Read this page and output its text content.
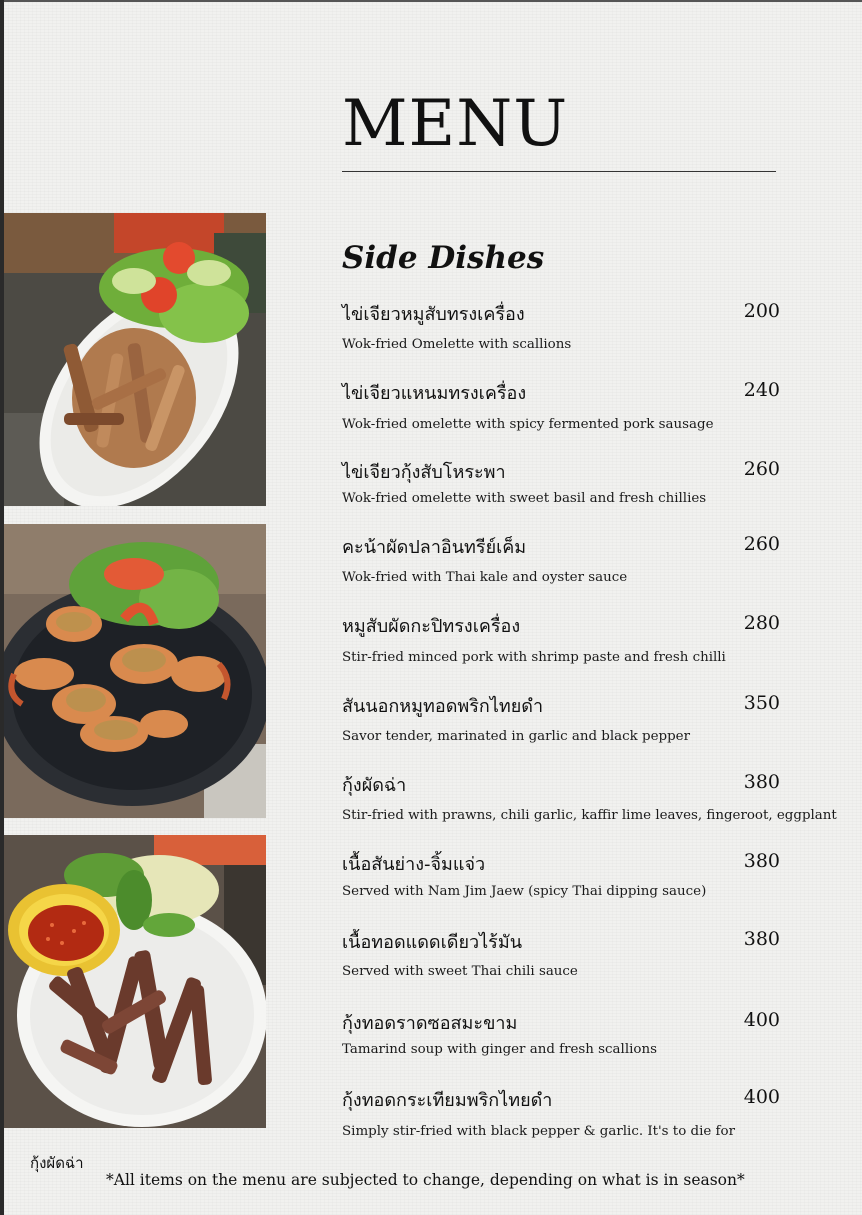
MENU
Side Dishes
ไข่เจียวหมูสับทรงเครื่อง	200
Wok-fried Omelette with scallions
ไข่เจียวแหนมทรงเครื่อง	240
Wok-fried omelette with spicy fermented pork sausage
ไข่เจียวกุ้งสับโหระพา	260
Wok-fried omelette with sweet basil and fresh chillies
คะน้าผัดปลาอินทรีย์เค็ม	260
Wok-fried with Thai kale and oyster sauce
หมูสับผัดกะปิทรงเครื่อง	280
Stir-fried minced pork with shrimp paste and fresh chilli
สันนอกหมูทอดพริกไทยดำ	350
Savor tender, marinated in garlic and black pepper
กุ้งผัดฉ่า	380
Stir-fried with prawns, chili garlic, kaffir lime leaves, fingeroot, eggplant
เนื้อสันย่าง-จิ้มแจ่ว	380
Served with Nam Jim Jaew (spicy Thai dipping sauce)
เนื้อทอดแดดเดียวไร้มัน	380
Served with sweet Thai chili sauce
กุ้งทอดราดซอสมะขาม	400
Tamarind soup with ginger and fresh scallions
กุ้งทอดกระเทียมพริกไทยดำ	400
Simply stir-fried with black pepper & garlic. It's to die for
กุ้งผัดฉ่า
*All items on the menu are subjected to change, depending on what is in season*
